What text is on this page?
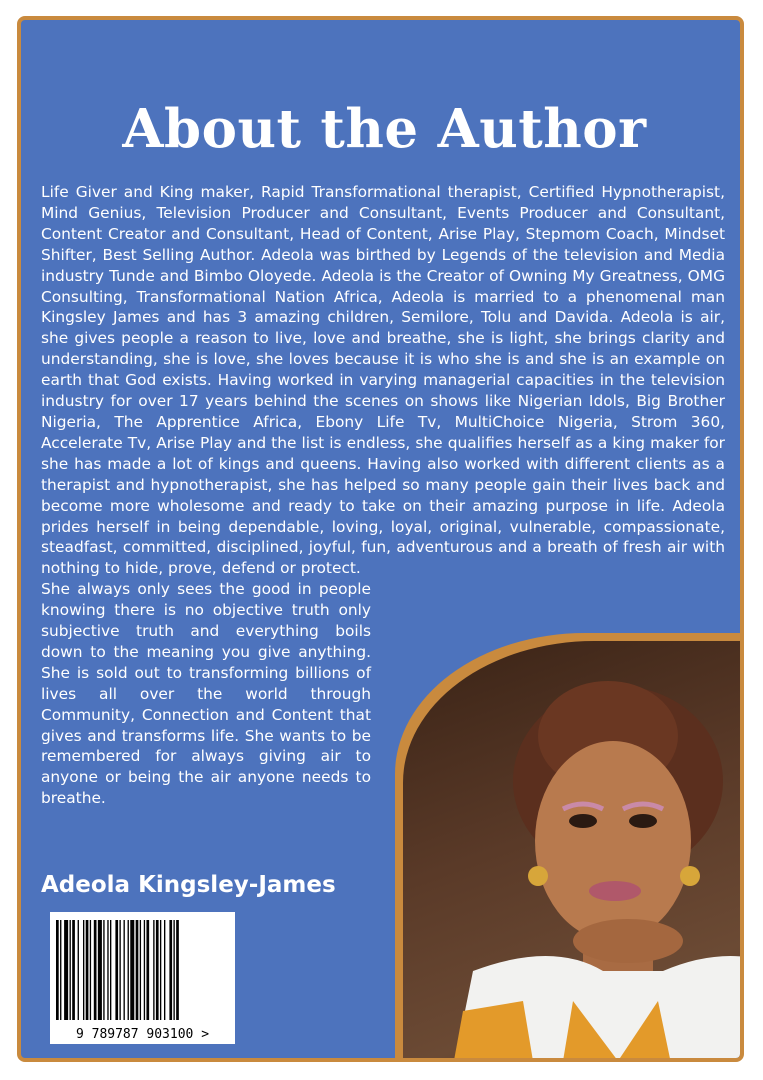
About the Author
Life Giver and King maker, Rapid Transformational therapist, Certified Hypnotherapist, Mind Genius, Television Producer and Consultant, Events Producer and Consultant, Content Creator and Consultant, Head of Content, Arise Play, Stepmom Coach, Mindset Shifter, Best Selling Author. Adeola was birthed by Legends of the television and Media industry Tunde and Bimbo Oloyede. Adeola is the Creator of Owning My Greatness, OMG Consulting, Transformational Nation Africa, Adeola is married to a phenomenal man Kingsley James and has 3 amazing children, Semilore, Tolu and Davida. Adeola is air, she gives people a reason to live, love and breathe, she is light, she brings clarity and understanding, she is love, she loves because it is who she is and she is an example on earth that God exists. Having worked in varying managerial capacities in the television industry for over 17 years behind the scenes on shows like Nigerian Idols, Big Brother Nigeria, The Apprentice Africa, Ebony Life Tv, MultiChoice Nigeria, Strom 360, Accelerate Tv, Arise Play and the list is endless, she qualifies herself as a king maker for she has made a lot of kings and queens. Having also worked with different clients as a therapist and hypnotherapist, she has helped so many people gain their lives back and become more wholesome and ready to take on their amazing purpose in life. Adeola prides herself in being dependable, loving, loyal, original, vulnerable, compassionate, steadfast, committed, disciplined, joyful, fun, adventurous and a breath of fresh air with nothing to hide, prove, defend or protect.
She always only sees the good in people knowing there is no objective truth only subjective truth and everything boils down to the meaning you give anything. She is sold out to transforming billions of lives all over the world through Community, Connection and Content that gives and transforms life. She wants to be remembered for always giving air to anyone or being the air anyone needs to breathe.
Adeola Kingsley-James
9 789787 903100 >
